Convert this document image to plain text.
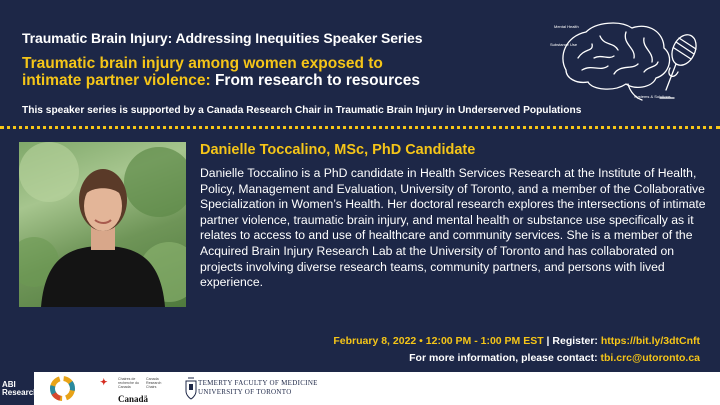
Traumatic Brain Injury: Addressing Inequities Speaker Series
Traumatic brain injury among women exposed to
intimate partner violence: From research to resources
This speaker series is supported by a Canada Research Chair in Traumatic Brain Injury in Underserved Populations
Mental Health
Substance Use
Systems & Solutions
Danielle Toccalino, MSc, PhD Candidate
Danielle Toccalino is a PhD candidate in Health Services Research at the Institute of Health, Policy, Management and Evaluation, University of Toronto, and a member of the Collaborative Specialization in Women’s Health. Her doctoral research explores the intersections of intimate partner violence, traumatic brain injury, and mental health or substance use specifically as it relates to access to and use of healthcare and community services. She is a member of the Acquired Brain Injury Research Lab at the University of Toronto and has collaborated on projects involving diverse research teams, community partners, and persons with lived experience.
February 8, 2022 • 12:00 PM - 1:00 PM EST | Register: https://bit.ly/3dtCnft
For more information, please contact: tbi.crc@utoronto.ca
ABI
ResearchLab
✦	Chaires de recherche du Canada
Canada Research Chairs
Canadä
TEMERTY FACULTY OF MEDICINE
UNIVERSITY OF TORONTO
